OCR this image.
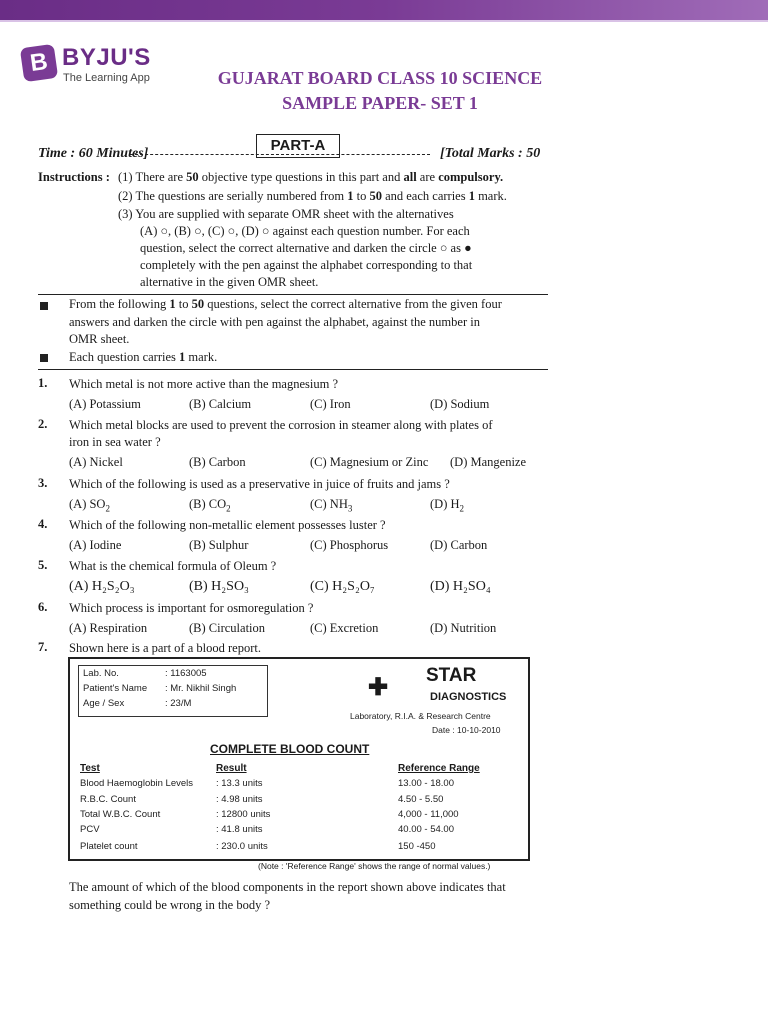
B BYJU'S
The Learning App	GUJARAT BOARD CLASS 10 SCIENCE
SAMPLE PAPER- SET 1
PART-A
Time : 60 Minutes]	[Total Marks : 50
Instructions : (1) There are 50 objective type questions in this part and all are compulsory.
(2) The questions are serially numbered from 1 to 50 and each carries 1 mark.
(3) You are supplied with separate OMR sheet with the alternatives
(A) ○, (B) ○, (C) ○, (D) ○ against each question number. For each
question, select the correct alternative and darken the circle ○ as ●
completely with the pen against the alphabet corresponding to that
alternative in the given OMR sheet.
From the following 1 to 50 questions, select the correct alternative from the given four
answers and darken the circle with pen against the alphabet, against the number in
OMR sheet.
Each question carries 1 mark.
1. Which metal is not more active than the magnesium ?
(A) Potassium	(B) Calcium	(C) Iron	(D) Sodium
2. Which metal blocks are used to prevent the corrosion in steamer along with plates of
iron in sea water ?
(A) Nickel	(B) Carbon	(C) Magnesium or Zinc (D) Mangenize
3. Which of the following is used as a preservative in juice of fruits and jams ?
(A) $SO_2$	(B) $CO_2$	(C) $NH_3$	(D) $H_2$
4. Which of the following non-metallic element possesses luster ?
(A) Iodine	(B) Sulphur	(C) Phosphorus	(D) Carbon
5. What is the chemical formula of Oleum ?
(A) H₂S₂O₃	(B) H₂SO₃	(C) H₂S₂O₇	(D) H₂SO₄
6. Which process is important for osmoregulation ?
(A) Respiration	(B) Circulation	(C) Excretion	(D) Nutrition
7. Shown here is a part of a blood report.
Lab. No.	: 1163005
Patient's Name : Mr. Nikhil Singh
Age / Sex	: 23/M
✚ STAR
DIAGNOSTICS
Laboratory, R.I.A. & Research Centre
Date : 10-10-2010
COMPLETE BLOOD COUNT
Test	Result	Reference Range
Blood Haemoglobin Levels : 13.3 units	13.00 - 18.00
R.B.C. Count	: 4.98 units	4.50 - 5.50
Total W.B.C. Count	: 12800 units	4,000 - 11,000
PCV	: 41.8 units	40.00 - 54.00
Platelet count	: 230.0 units	150 -450
(Note : 'Reference Range' shows the range of normal values.)
The amount of which of the blood components in the report shown above indicates that
something could be wrong in the body ?
